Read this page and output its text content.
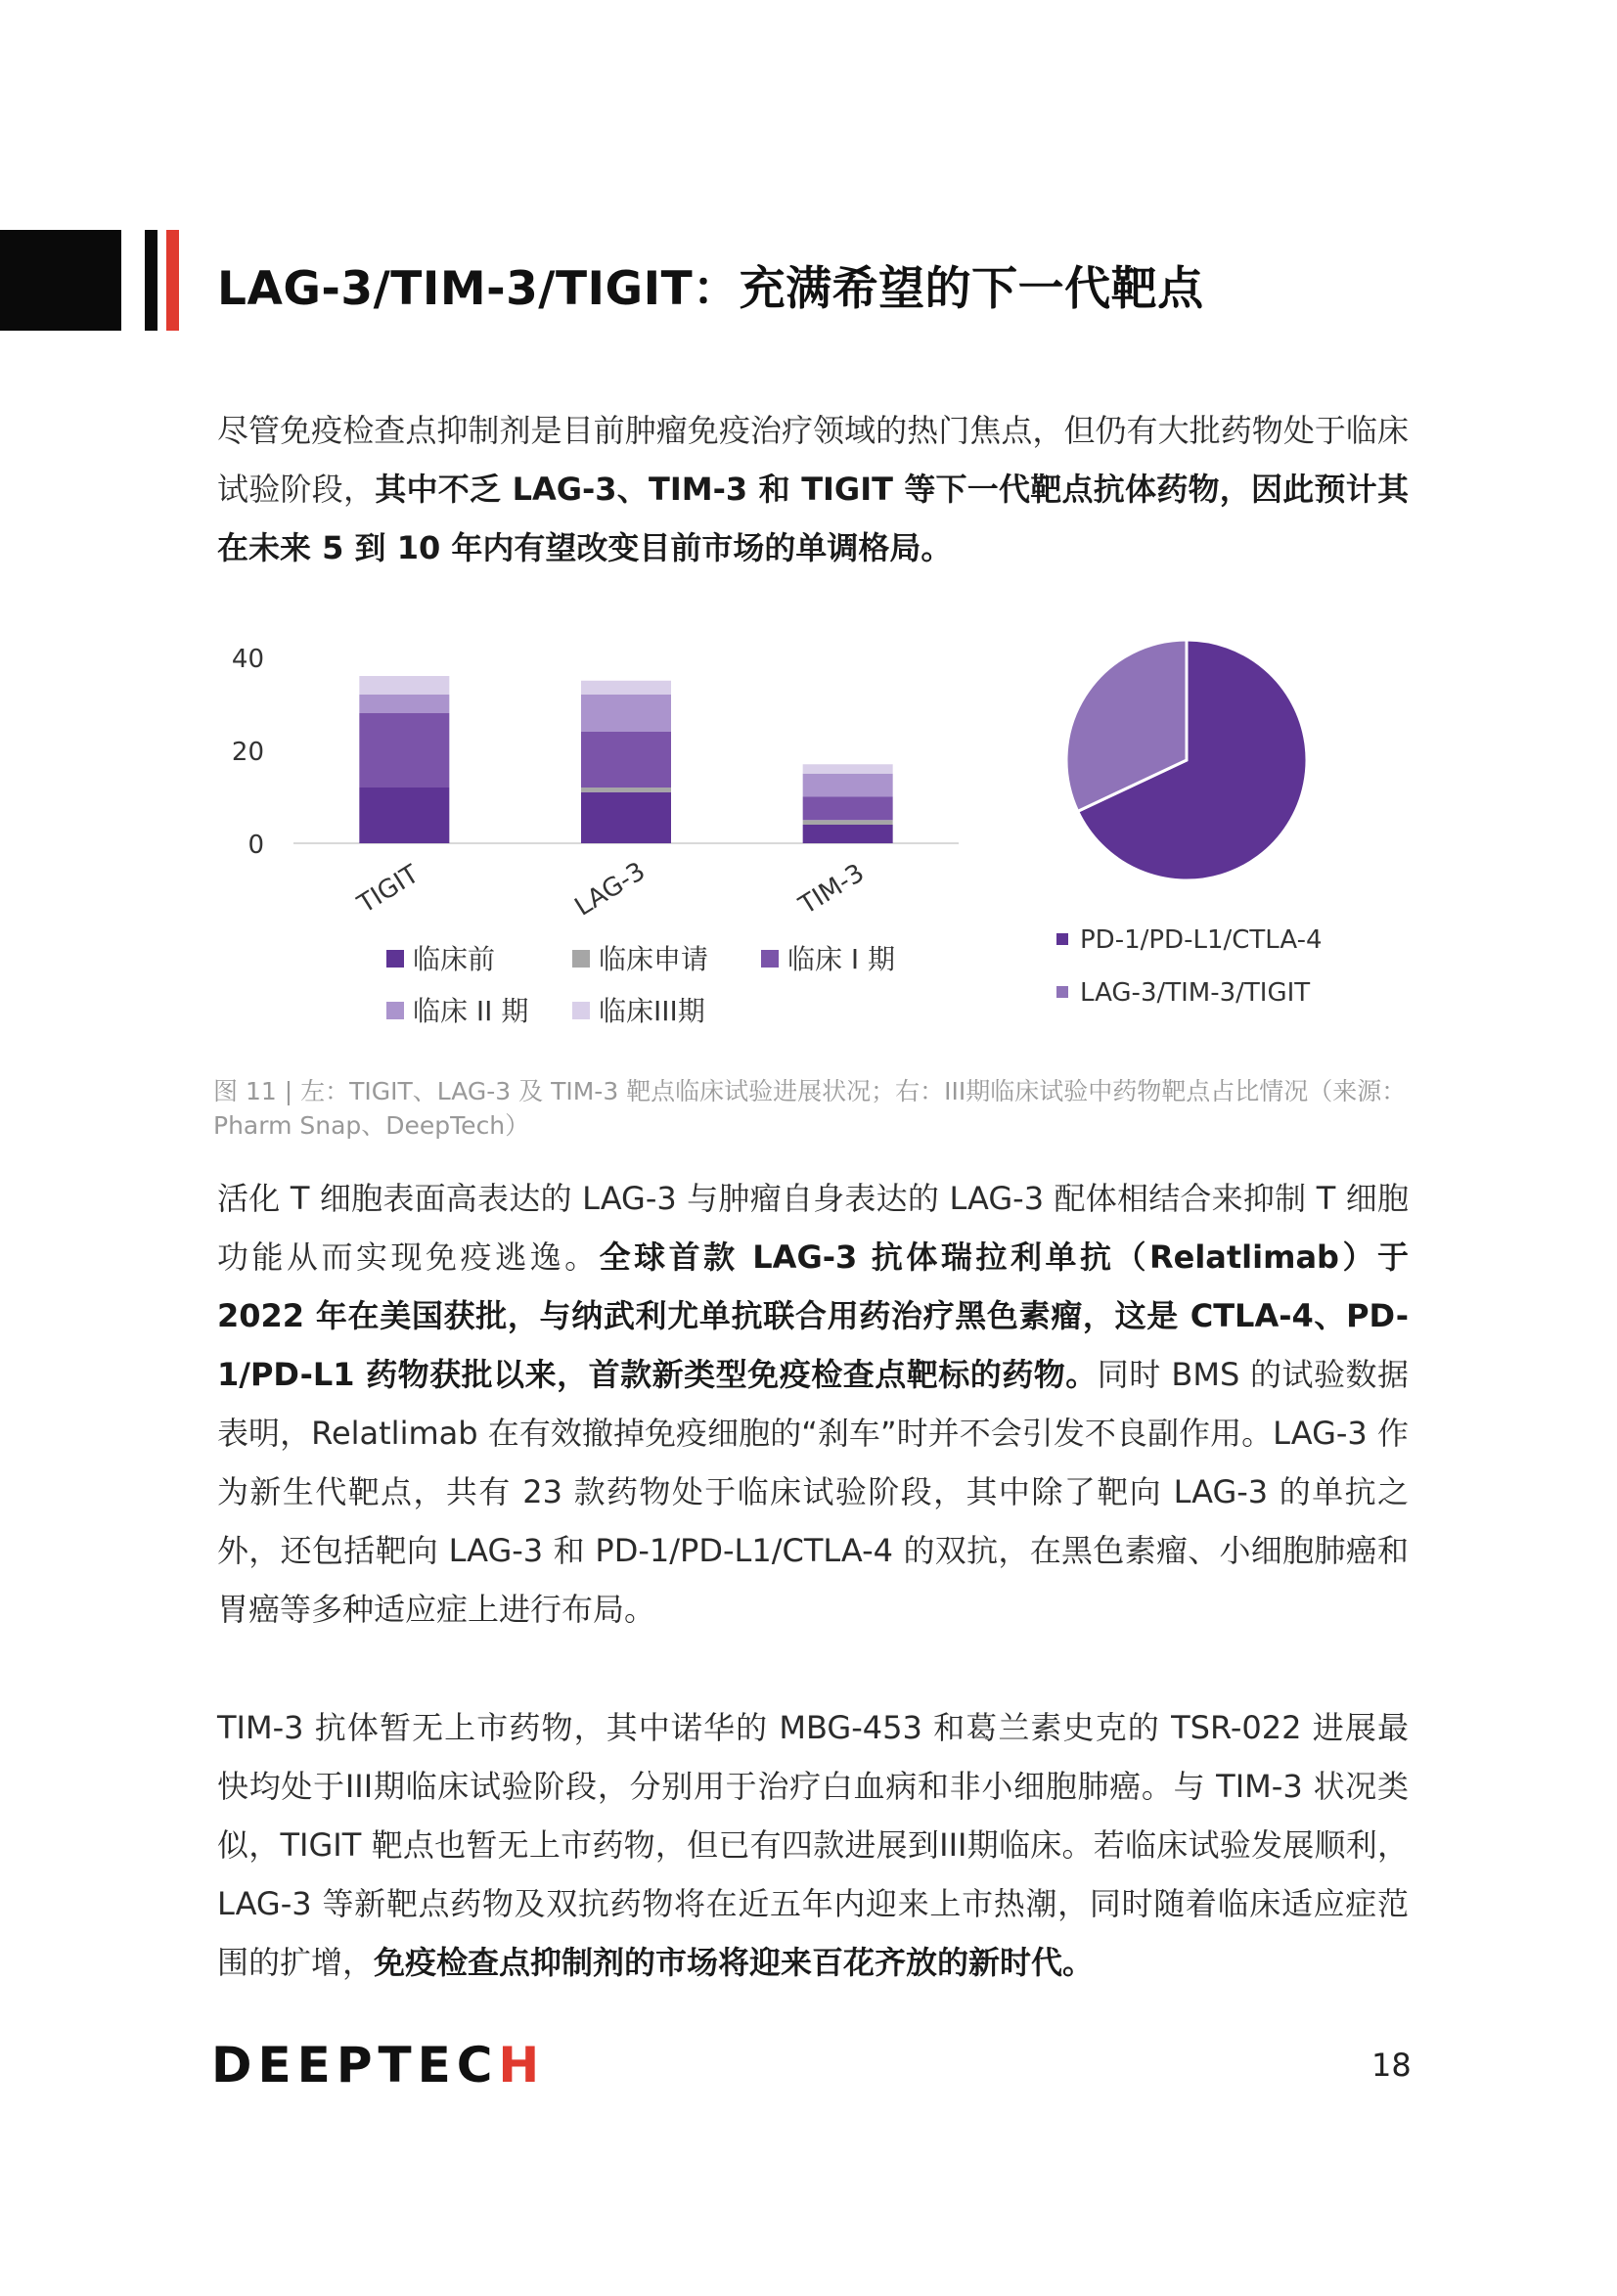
LAG-3/TIM-3/TIGIT：充满希望的下一代靶点

尽管免疫检查点抑制剂是目前肿瘤免疫治疗领域的热门焦点，但仍有大批药物处于临床试验阶段，其中不乏 LAG-3、TIM-3 和 TIGIT 等下一代靶点抗体药物，因此预计其在未来 5 到 10 年内有望改变目前市场的单调格局。

0
20
40
TIGIT	LAG-3	TIM-3
临床前	临床申请	临床 I 期
临床 II 期	临床III期
PD-1/PD-L1/CTLA-4
LAG-3/TIM-3/TIGIT

图 11 | 左：TIGIT、LAG-3 及 TIM-3 靶点临床试验进展状况；右：III期临床试验中药物靶点占比情况（来源：Pharm Snap、DeepTech）

活化 T 细胞表面高表达的 LAG-3 与肿瘤自身表达的 LAG-3 配体相结合来抑制 T 细胞功能从而实现免疫逃逸。全球首款 LAG-3 抗体瑞拉利单抗（Relatlimab）于 2022 年在美国获批，与纳武利尤单抗联合用药治疗黑色素瘤，这是 CTLA-4、PD-1/PD-L1 药物获批以来，首款新类型免疫检查点靶标的药物。同时 BMS 的试验数据表明，Relatlimab 在有效撤掉免疫细胞的“刹车”时并不会引发不良副作用。LAG-3 作为新生代靶点，共有 23 款药物处于临床试验阶段，其中除了靶向 LAG-3 的单抗之外，还包括靶向 LAG-3 和 PD-1/PD-L1/CTLA-4 的双抗，在黑色素瘤、小细胞肺癌和胃癌等多种适应症上进行布局。

TIM-3 抗体暂无上市药物，其中诺华的 MBG-453 和葛兰素史克的 TSR-022 进展最快均处于III期临床试验阶段，分别用于治疗白血病和非小细胞肺癌。与 TIM-3 状况类似，TIGIT 靶点也暂无上市药物，但已有四款进展到III期临床。若临床试验发展顺利，LAG-3 等新靶点药物及双抗药物将在近五年内迎来上市热潮，同时随着临床适应症范围的扩增，免疫检查点抑制剂的市场将迎来百花齐放的新时代。

DEEPTECH	18
